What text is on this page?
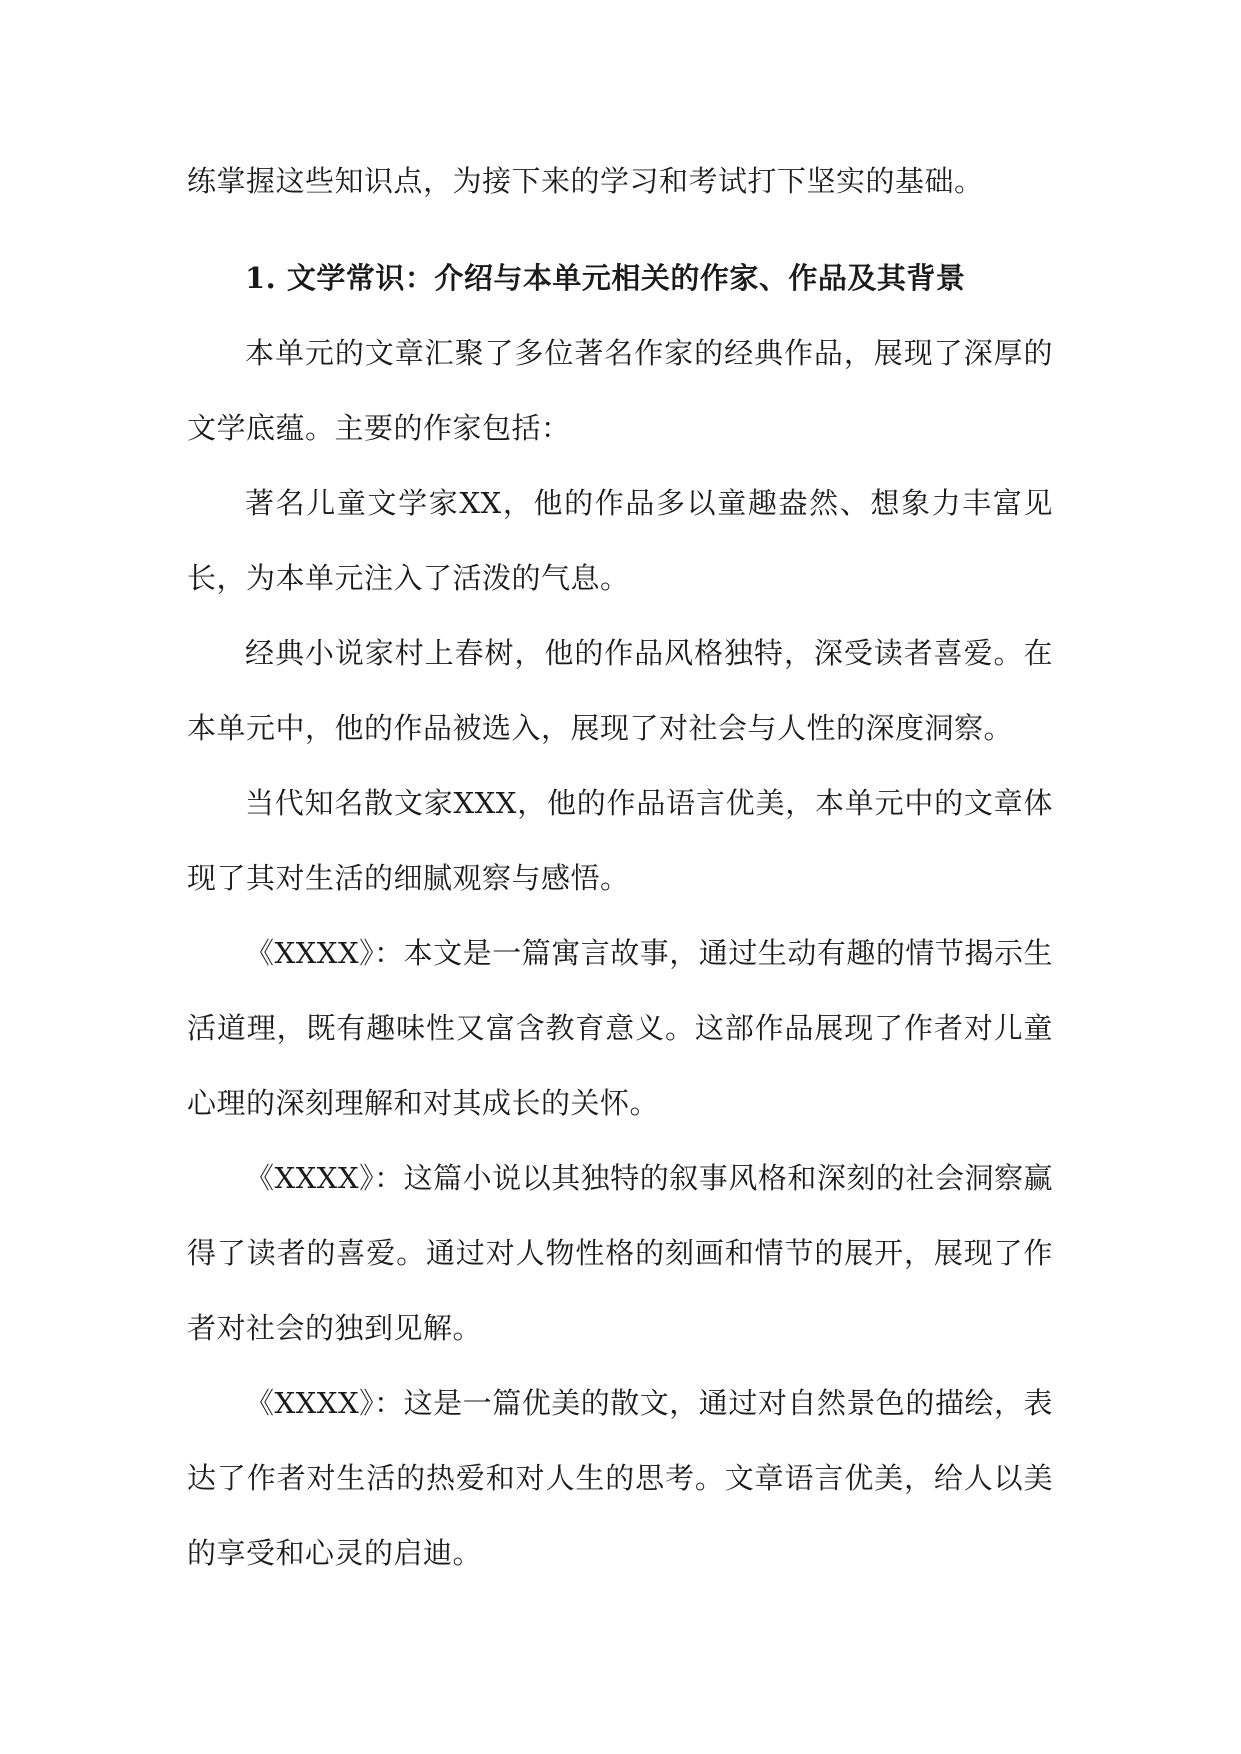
练掌握这些知识点，为接下来的学习和考试打下坚实的基础。

1. 文学常识：介绍与本单元相关的作家、作品及其背景

本单元的文章汇聚了多位著名作家的经典作品，展现了深厚的文学底蕴。主要的作家包括：

著名儿童文学家XX，他的作品多以童趣盎然、想象力丰富见长，为本单元注入了活泼的气息。

经典小说家村上春树，他的作品风格独特，深受读者喜爱。在本单元中，他的作品被选入，展现了对社会与人性的深度洞察。

当代知名散文家XXX，他的作品语言优美，本单元中的文章体现了其对生活的细腻观察与感悟。

《XXXX》：本文是一篇寓言故事，通过生动有趣的情节揭示生活道理，既有趣味性又富含教育意义。这部作品展现了作者对儿童心理的深刻理解和对其成长的关怀。

《XXXX》：这篇小说以其独特的叙事风格和深刻的社会洞察赢得了读者的喜爱。通过对人物性格的刻画和情节的展开，展现了作者对社会的独到见解。

《XXXX》：这是一篇优美的散文，通过对自然景色的描绘，表达了作者对生活的热爱和对人生的思考。文章语言优美，给人以美的享受和心灵的启迪。
